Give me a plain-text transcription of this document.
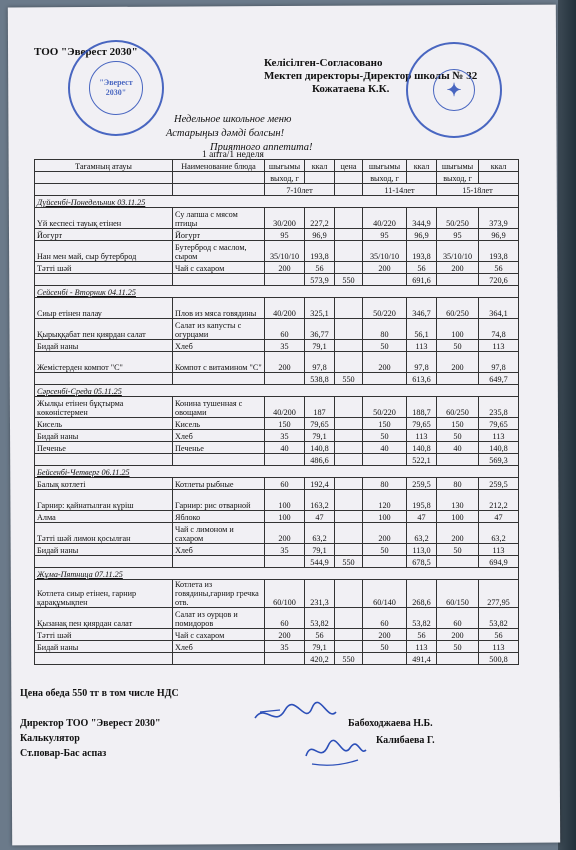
ТОО "Эверест 2030"
Келісілген-Согласовано
Мектеп директоры-Директор школы № 32
Кожатаева К.К.
"Эверест 2030"	✦
Недельное школьное меню
Астарыңыз дәмді болсын!
Приятного аппетита!
1 апта/1 неделя
Тағамның атауы	Наименование блюда	шығымы	ккал	цена	шығымы	ккал	шығымы	ккал
		выход, г			выход, г		выход, г	
		7-10лет			11-14лет		15-18лет	
Дүйсенбі-Понедельник 03.11.25								
Үй кеспесі тауық етінен	Су лапша с мясом птицы	30/200	227,2		40/220	344,9	50/250	373,9
Йогурт	Йогурт	95	96,9		95	96,9	95	96,9
Нан мен май, сыр бутерброд	Бутерброд с маслом, сыром	35/10/10	193,8		35/10/10	193,8	35/10/10	193,8
Тәтті шәй	Чай с сахаром	200	56		200	56	200	56
			573,9	550		691,6		720,6
Сейсенбі - Вторник 04.11.25								
Сиыр етінен палау	Плов из мяса говядины	40/200	325,1		50/220	346,7	60/250	364,1
Қырыққабат пен қиярдан салат	Салат из капусты с огурцами	60	36,77		80	56,1	100	74,8
Бидай наны	Хлеб	35	79,1		50	113	50	113
Жемістерден компот "С"	Компот с витамином "С"	200	97,8		200	97,8	200	97,8
			538,8	550		613,6		649,7
Сәрсенбі-Среда 05.11.25								
Жылқы етінен бұқтырма көкөністермен	Конина тушенная с овощами	40/200	187		50/220	188,7	60/250	235,8
Кисель	Кисель	150	79,65		150	79,65	150	79,65
Бидай наны	Хлеб	35	79,1		50	113	50	113
Печенье	Печенье	40	140,8		40	140,8	40	140,8
			486,6			522,1		569,3
Бейсенбі-Четверг 06.11.25								
Балық котлеті	Котлеты рыбные	60	192,4		80	259,5	80	259,5
Гарнир: қайнатылған күріш	Гарнир: рис отварной	100	163,2		120	195,8	130	212,2
Алма	Яблоко	100	47		100	47	100	47
Тәтті шәй лимон қосылған	Чай с лимоном и сахаром	200	63,2		200	63,2	200	63,2
Бидай наны	Хлеб	35	79,1		50	113,0	50	113
			544,9	550		678,5		694,9
Жұма-Пятница 07.11.25								
Котлета сиыр етінен, гарнир қарақұмықпен	Котлета из говядины,гарнир гречка отв.	60/100	231,3		60/140	268,6	60/150	277,95
Қызанақ пен қиярдан салат	Салат из оурцов и помидоров	60	53,82		60	53,82	60	53,82
Тәтті шәй	Чай с сахаром	200	56		200	56	200	56
Бидай наны	Хлеб	35	79,1		50	113	50	113
			420,2	550		491,4		500,8
Цена обеда 550 тг в том числе НДС
Директор ТОО "Эверест 2030"
Калькулятор
Ст.повар-Бас аспаз
Бабоходжаева Н.Б.
Калибаева Г.
